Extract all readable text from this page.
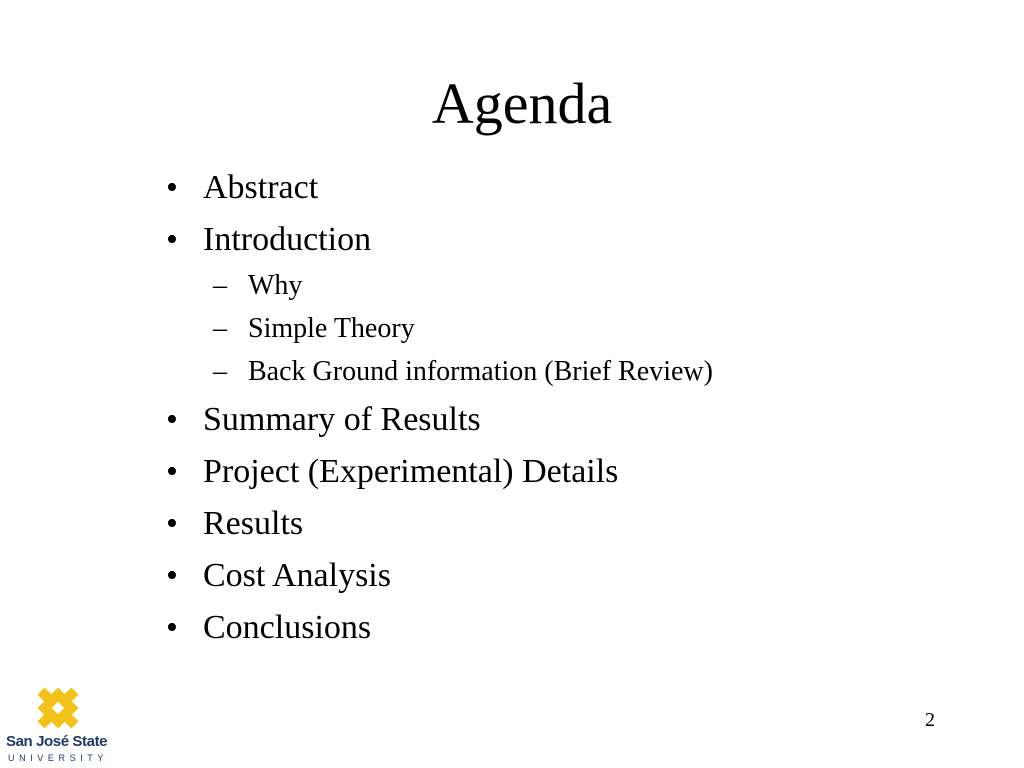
Agenda
• Abstract
• Introduction
– Why
– Simple Theory
– Back Ground information (Brief Review)
• Summary of Results
• Project (Experimental) Details
• Results
• Cost Analysis
• Conclusions
2
San José State
UNIVERSITY
